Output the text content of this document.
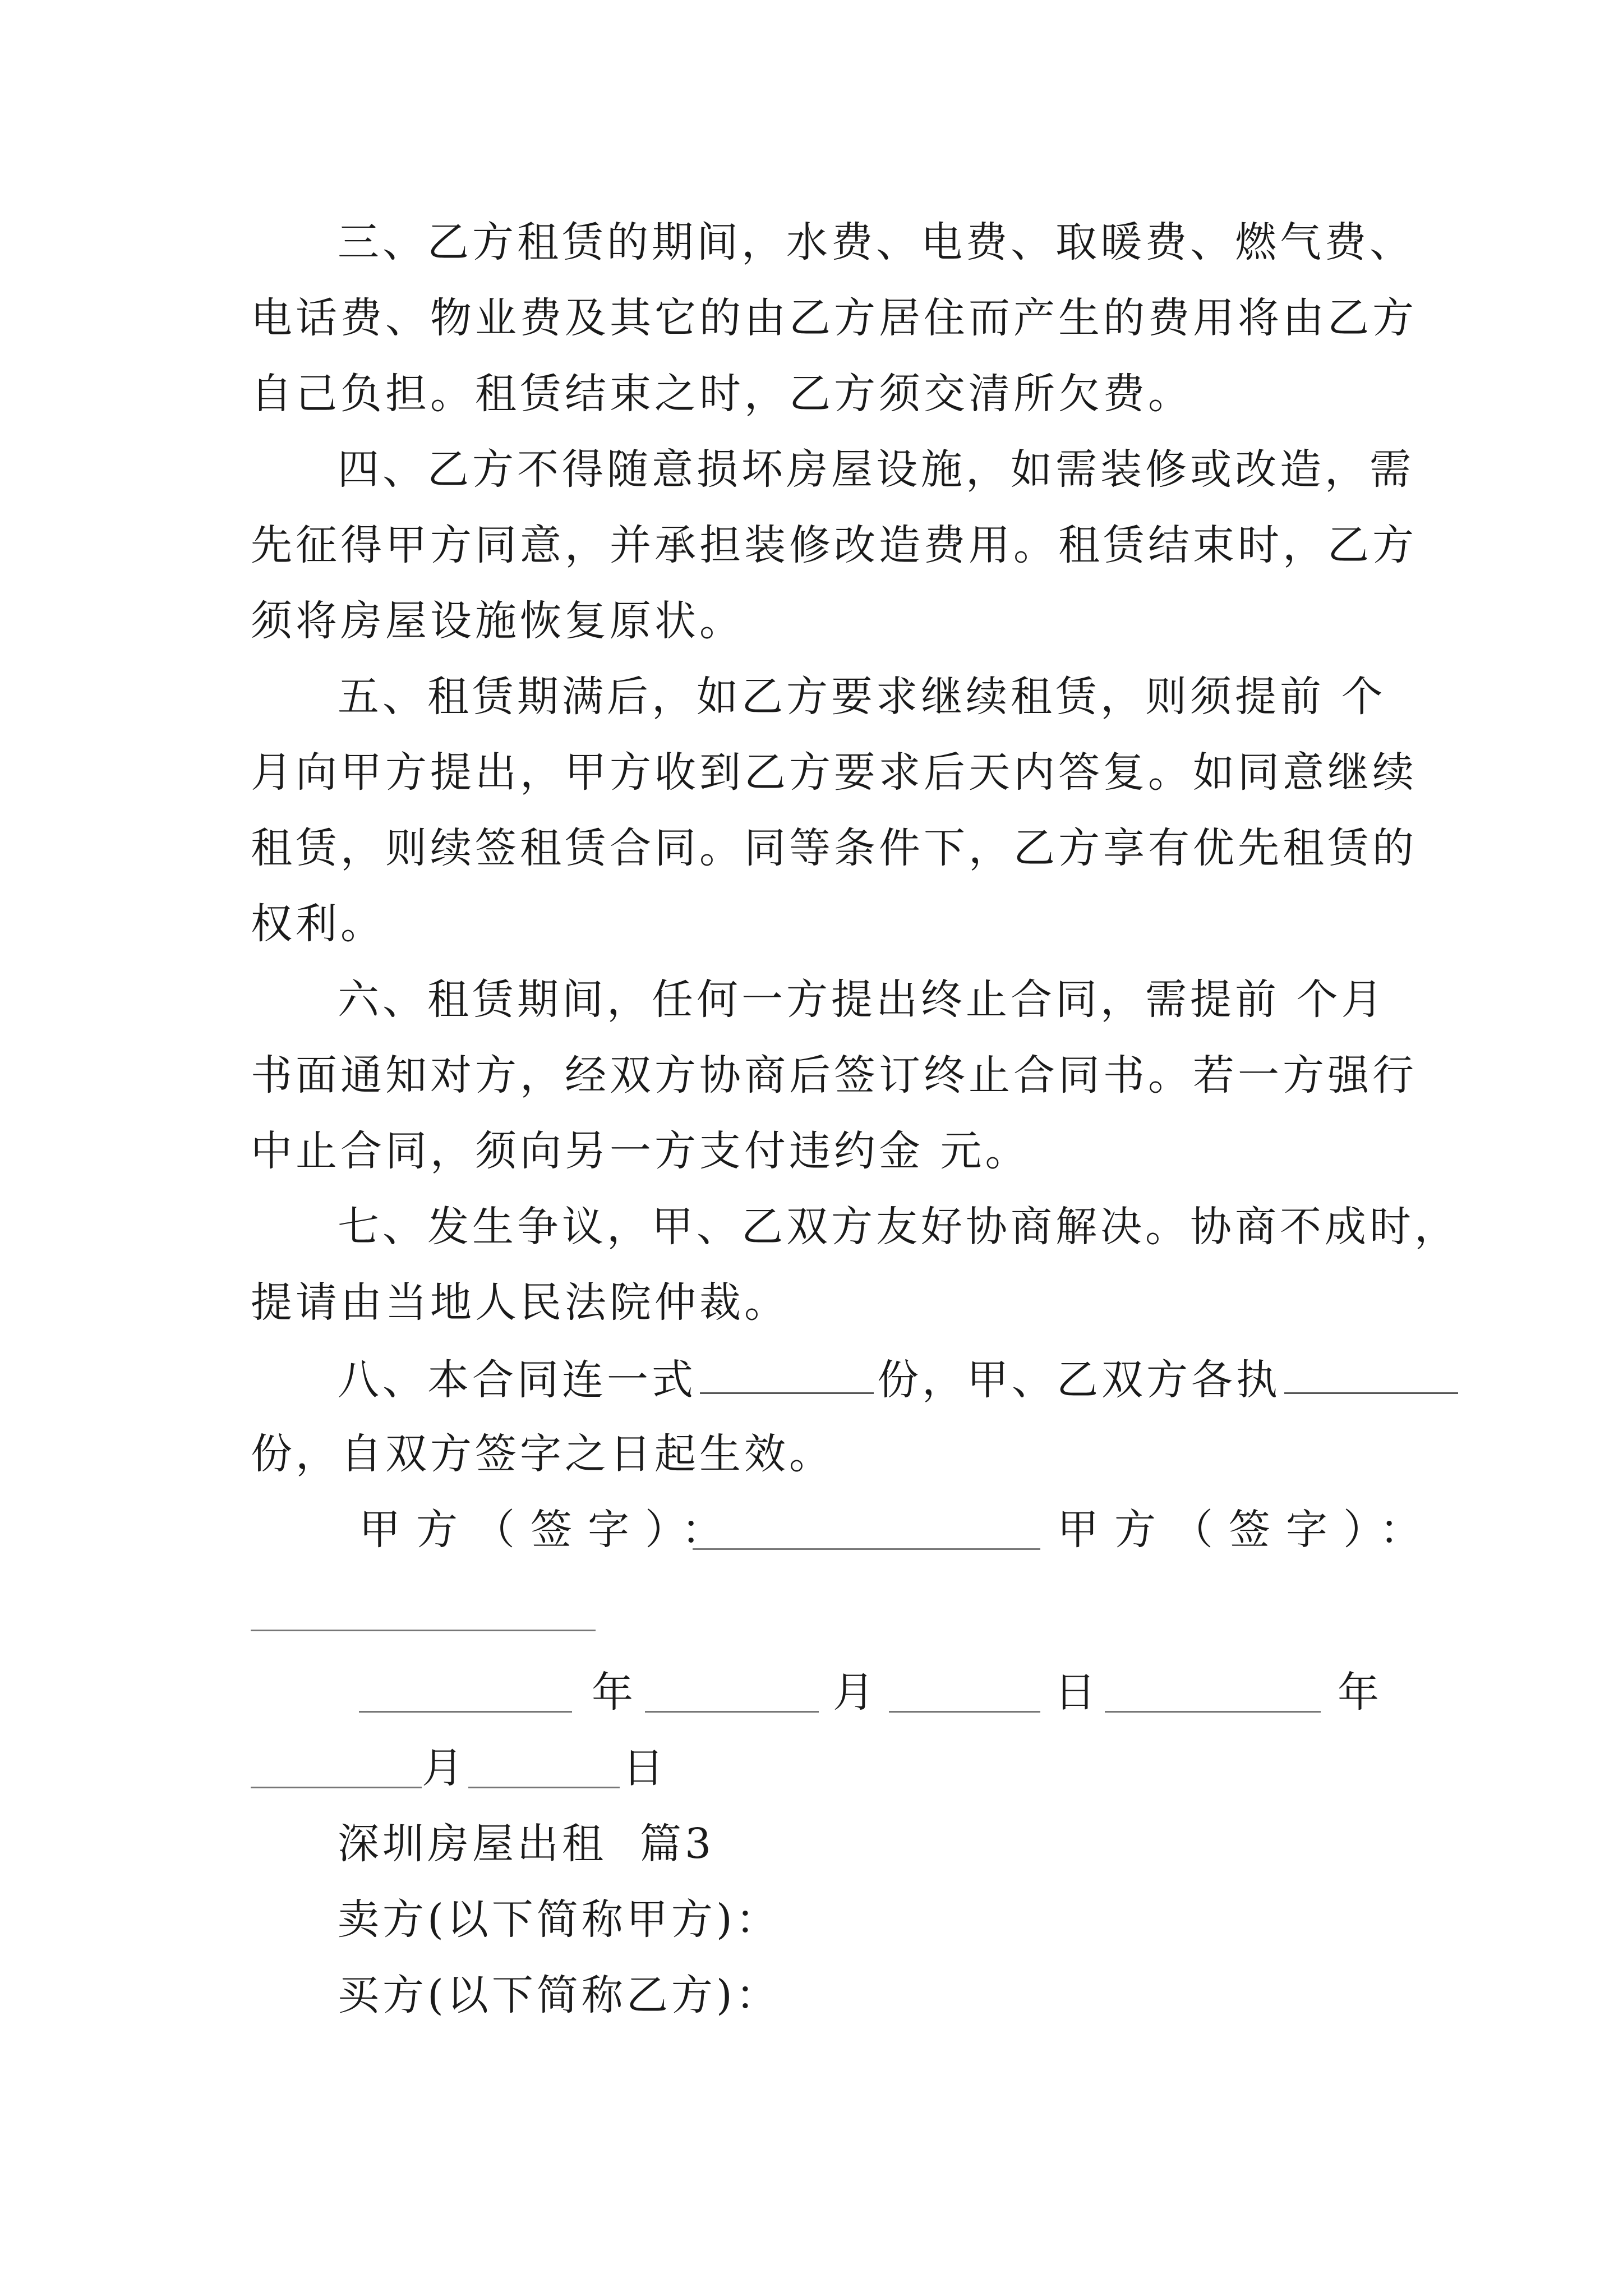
三、乙方租赁的期间，水费、电费、取暖费、燃气费、
电话费、物业费及其它的由乙方居住而产生的费用将由乙方
自己负担。租赁结束之时，乙方须交清所欠费。
四、乙方不得随意损坏房屋设施，如需装修或改造，需
先征得甲方同意，并承担装修改造费用。租赁结束时，乙方
须将房屋设施恢复原状。
五、租赁期满后，如乙方要求继续租赁，则须提前 个
月向甲方提出，甲方收到乙方要求后天内答复。如同意继续
租赁，则续签租赁合同。同等条件下，乙方享有优先租赁的
权利。
六、租赁期间，任何一方提出终止合同，需提前 个月
书面通知对方，经双方协商后签订终止合同书。若一方强行
中止合同，须向另一方支付违约金 元。
七、发生争议，甲、乙双方友好协商解决。协商不成时，
提请由当地人民法院仲裁。
八、本合同连一式	份，甲、乙双方各执
份，自双方签字之日起生效。
甲方（签字）：	甲方（签字）：
年	月	日	年
月	日
深圳房屋出租  篇3
卖方(以下简称甲方)：
买方(以下简称乙方)：
